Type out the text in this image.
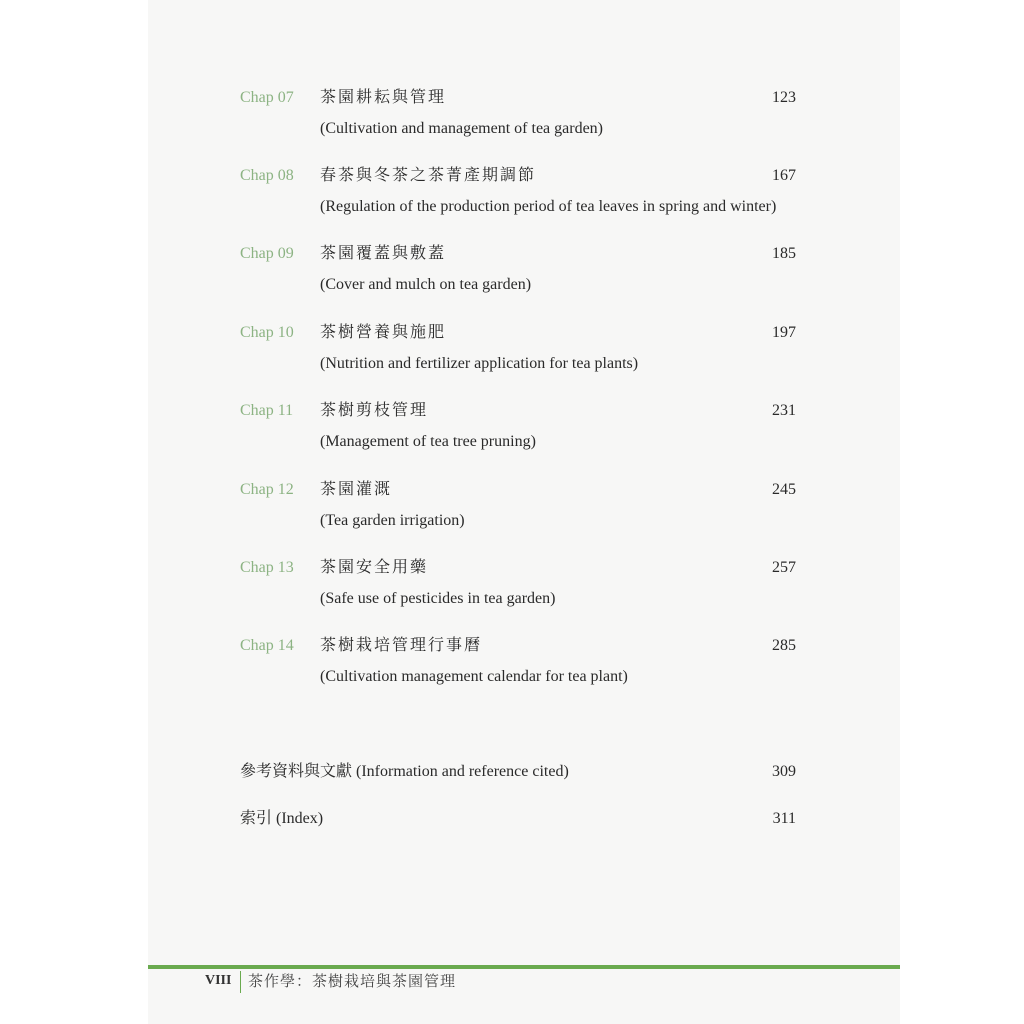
Chap 07 茶園耕耘與管理	123
(Cultivation and management of tea garden)
Chap 08 春茶與冬茶之茶菁產期調節	167
(Regulation of the production period of tea leaves in spring and winter)
Chap 09 茶園覆蓋與敷蓋	185
(Cover and mulch on tea garden)
Chap 10 茶樹營養與施肥	197
(Nutrition and fertilizer application for tea plants)
Chap 11 茶樹剪枝管理	231
(Management of tea tree pruning)
Chap 12 茶園灌溉	245
(Tea garden irrigation)
Chap 13 茶園安全用藥	257
(Safe use of pesticides in tea garden)
Chap 14 茶樹栽培管理行事曆	285
(Cultivation management calendar for tea plant)
參考資料與文獻 (Information and reference cited)	309
索引 (Index)	311
VIII 茶作學：茶樹栽培與茶園管理
